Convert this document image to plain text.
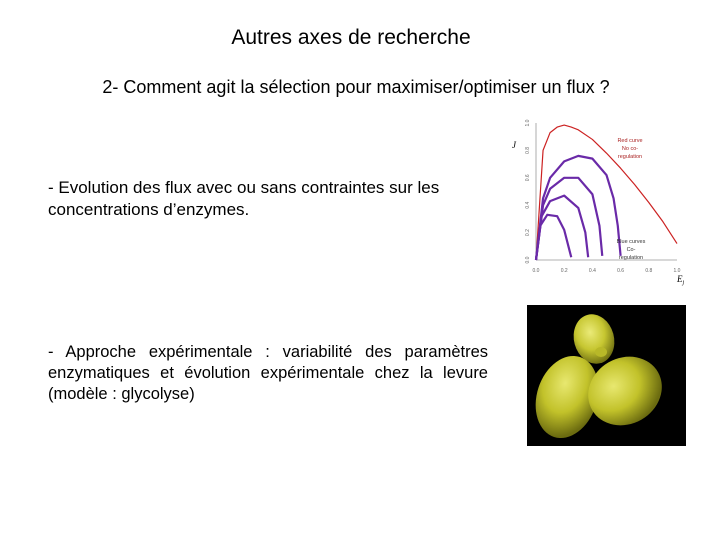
Autres axes de recherche
2- Comment agit la sélection pour maximiser/optimiser un flux ?
- Evolution des flux avec ou sans contraintes sur les concentrations d’enzymes.
0.0	0.2	0.4	0.6	0.8	1.0
0.0
0.2
0.4
0.6
0.8
1.0
J
$E_j$
Red curve
No co-
regulation
Blue curves
Co-
regulation
- Approche expérimentale : variabilité des paramètres enzymatiques et évolution expérimentale chez la levure (modèle : glycolyse)
